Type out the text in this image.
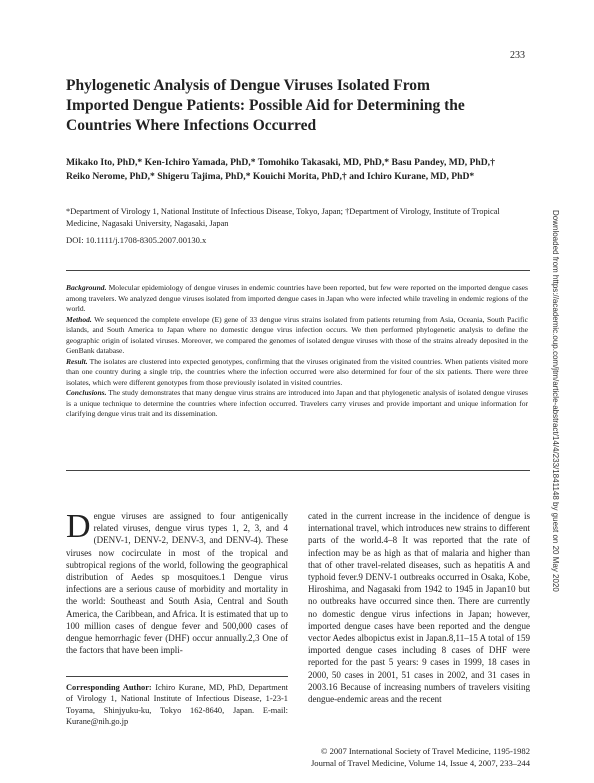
233
Phylogenetic Analysis of Dengue Viruses Isolated From Imported Dengue Patients: Possible Aid for Determining the Countries Where Infections Occurred
Mikako Ito, PhD,* Ken-Ichiro Yamada, PhD,* Tomohiko Takasaki, MD, PhD,* Basu Pandey, MD, PhD,† Reiko Nerome, PhD,* Shigeru Tajima, PhD,* Kouichi Morita, PhD,† and Ichiro Kurane, MD, PhD*
*Department of Virology 1, National Institute of Infectious Disease, Tokyo, Japan; †Department of Virology, Institute of Tropical Medicine, Nagasaki University, Nagasaki, Japan
DOI: 10.1111/j.1708-8305.2007.00130.x	Downloaded from https://academic.oup.com/jtm/article-abstract/14/4/233/1841148 by guest on 20 May 2020

Background. Molecular epidemiology of dengue viruses in endemic countries have been reported, but few were reported on the imported dengue cases among travelers. We analyzed dengue viruses isolated from imported dengue cases in Japan who were infected while traveling in endemic regions of the world.

Method. We sequenced the complete envelope (E) gene of 33 dengue virus strains isolated from patients returning from Asia, Oceania, South Pacific islands, and South America to Japan where no domestic dengue virus infection occurs. We then performed phylogenetic analysis to define the geographic origin of isolated viruses. Moreover, we compared the genomes of isolated dengue viruses with those of the strains already deposited in the GenBank database.

Result. The isolates are clustered into expected genotypes, confirming that the viruses originated from the visited countries. When patients visited more than one country during a single trip, the countries where the infection occurred were also determined for four of the six patients. There were three isolates, which were different genotypes from those previously isolated in visited countries.

Conclusions. The study demonstrates that many dengue virus strains are introduced into Japan and that phylogenetic analysis of isolated dengue viruses is a unique technique to determine the countries where infection occurred. Travelers carry viruses and provide important and unique information for clarifying dengue virus trait and its dissemination.

D engue viruses are assigned to four antigenically related viruses, dengue virus types 1, 2, 3, and 4 (DENV-1, DENV-2, DENV-3, and DENV-4). These viruses now cocirculate in most of the tropical and subtropical regions of the world, following the geographical distribution of Aedes sp mosquitoes.1 Dengue virus infections are a serious cause of morbidity and mortality in the world: Southeast and South Asia, Central and South America, the Caribbean, and Africa. It is estimated that up to 100 million cases of dengue fever and 500,000 cases of dengue hemorrhagic fever (DHF) occur annually.2,3 One of the factors that have been impli-

cated in the current increase in the incidence of dengue is international travel, which introduces new strains to different parts of the world.4–8 It was reported that the rate of infection may be as high as that of malaria and higher than that of other travel-related diseases, such as hepatitis A and typhoid fever.9 DENV-1 outbreaks occurred in Osaka, Kobe, Hiroshima, and Nagasaki from 1942 to 1945 in Japan10 but no outbreaks have occurred since then. There are currently no domestic dengue virus infections in Japan; however, imported dengue cases have been reported and the dengue vector Aedes albopictus exist in Japan.8,11–15 A total of 159 imported dengue cases including 8 cases of DHF were reported for the past 5 years: 9 cases in 1999, 18 cases in 2000, 50 cases in 2001, 51 cases in 2002, and 31 cases in 2003.16 Because of increasing numbers of travelers visiting dengue-endemic areas and the recent

Corresponding Author: Ichiro Kurane, MD, PhD, Department of Virology 1, National Institute of Infectious Disease, 1-23-1 Toyama, Shinjyuku-ku, Tokyo 162-8640, Japan. E-mail: Kurane@nih.go.jp
© 2007 International Society of Travel Medicine, 1195-1982
Journal of Travel Medicine, Volume 14, Issue 4, 2007, 233–244
